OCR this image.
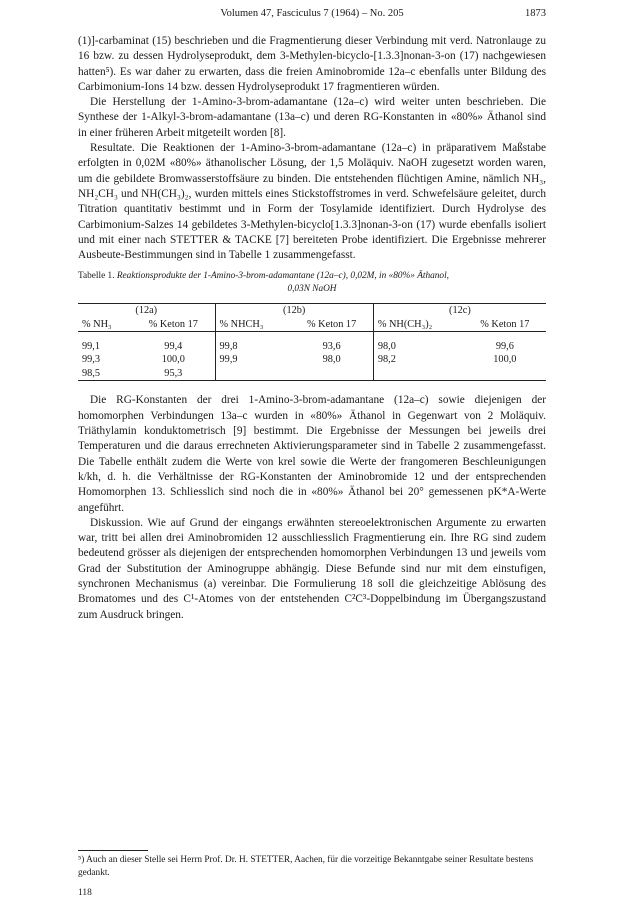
Volumen 47, Fasciculus 7 (1964) – No. 205	1873

(1)]-carbaminat (15) beschrieben und die Fragmentierung dieser Verbindung mit verd. Natronlauge zu 16 bzw. zu dessen Hydrolyseprodukt, dem 3-Methylen-bicyclo-[1.3.3]nonan-3-on (17) nachgewiesen hatten⁵). Es war daher zu erwarten, dass die freien Aminobromide 12a–c ebenfalls unter Bildung des Carbimonium-Ions 14 bzw. dessen Hydrolyseprodukt 17 fragmentieren würden.

Die Herstellung der 1-Amino-3-brom-adamantane (12a–c) wird weiter unten beschrieben. Die Synthese der 1-Alkyl-3-brom-adamantane (13a–c) und deren RG-Konstanten in «80%» Äthanol sind in einer früheren Arbeit mitgeteilt worden [8].

Resultate. Die Reaktionen der 1-Amino-3-brom-adamantane (12a–c) in präparativem Maßstabe erfolgten in 0,02M «80%» äthanolischer Lösung, der 1,5 Moläquiv. NaOH zugesetzt worden waren, um die gebildete Bromwasserstoffsäure zu binden. Die entstehenden flüchtigen Amine, nämlich NH₃, NH₂CH₃ und NH(CH₃)₂, wurden mittels eines Stickstoffstromes in verd. Schwefelsäure geleitet, durch Titration quantitativ bestimmt und in Form der Tosylamide identifiziert. Durch Hydrolyse des Carbimonium-Salzes 14 gebildetes 3-Methylen-bicyclo[1.3.3]nonan-3-on (17) wurde ebenfalls isoliert und mit einer nach STETTER & TACKE [7] bereiteten Probe identifiziert. Die Ergebnisse mehrerer Ausbeute-Bestimmungen sind in Tabelle 1 zusammengefasst.

Tabelle 1. Reaktionsprodukte der 1-Amino-3-brom-adamantane (12a–c), 0,02M, in «80%» Äthanol,
0,03N NaOH
(12a)		(12b)		(12c)	
% NH₃	% Keton 17	% NHCH₃	% Keton 17	% NH(CH₃)₂	% Keton 17

99,1	99,4	99,8	93,6	98,0	99,6
99,3	100,0	99,9	98,0	98,2	100,0
98,5	95,3				

Die RG-Konstanten der drei 1-Amino-3-brom-adamantane (12a–c) sowie diejenigen der homomorphen Verbindungen 13a–c wurden in «80%» Äthanol in Gegenwart von 2 Moläquiv. Triäthylamin konduktometrisch [9] bestimmt. Die Ergebnisse der Messungen bei jeweils drei Temperaturen und die daraus errechneten Aktivierungsparameter sind in Tabelle 2 zusammengefasst. Die Tabelle enthält zudem die Werte von krel sowie die Werte der frangomeren Beschleunigungen k/kh, d. h. die Verhältnisse der RG-Konstanten der Aminobromide 12 und der entsprechenden Homomorphen 13. Schliesslich sind noch die in «80%» Äthanol bei 20° gemessenen pK*A-Werte angeführt.

Diskussion. Wie auf Grund der eingangs erwähnten stereoelektronischen Argumente zu erwarten war, tritt bei allen drei Aminobromiden 12 ausschliesslich Fragmentierung ein. Ihre RG sind zudem bedeutend grösser als diejenigen der entsprechenden homomorphen Verbindungen 13 und jeweils vom Grad der Substitution der Aminogruppe abhängig. Diese Befunde sind nur mit dem einstufigen, synchronen Mechanismus (a) vereinbar. Die Formulierung 18 soll die gleichzeitige Ablösung des Bromatomes und des C¹-Atomes von der entstehenden C²C³-Doppelbindung im Übergangszustand zum Ausdruck bringen.

⁵) Auch an dieser Stelle sei Herrn Prof. Dr. H. STETTER, Aachen, für die vorzeitige Bekanntgabe seiner Resultate bestens gedankt.
118
